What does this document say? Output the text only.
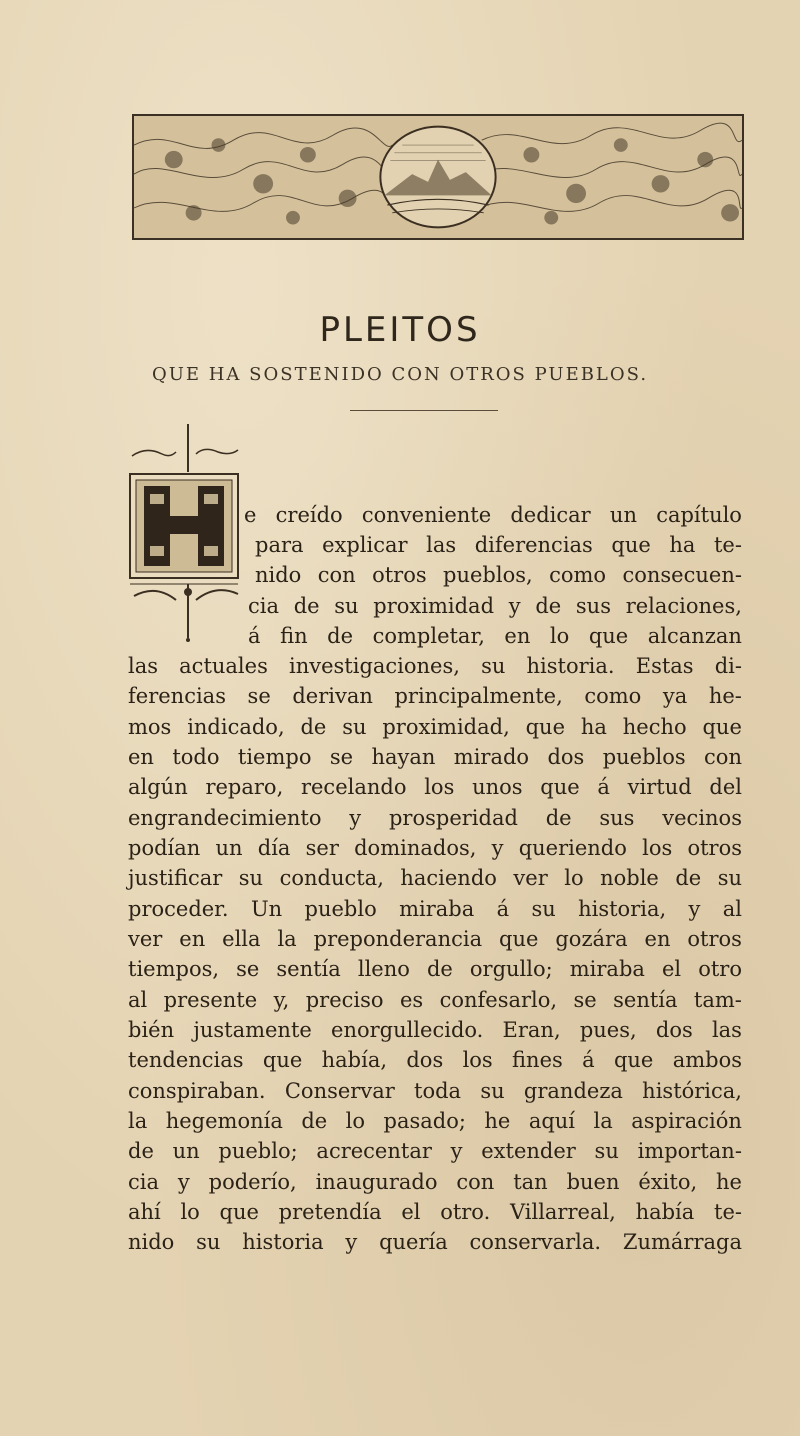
PLEITOS
QUE HA SOSTENIDO CON OTROS PUEBLOS.
e creído conveniente dedicar un capítulo
para explicar las diferencias que ha te-
nido con otros pueblos, como consecuen-
cia de su proximidad y de sus relaciones,
á fin de completar, en lo que alcanzan
las actuales investigaciones, su historia. Estas di-
ferencias se derivan principalmente, como ya he-
mos indicado, de su proximidad, que ha hecho que
en todo tiempo se hayan mirado dos pueblos con
algún reparo, recelando los unos que á virtud del
engrandecimiento y prosperidad de sus vecinos
podían un día ser dominados, y queriendo los otros
justificar su conducta, haciendo ver lo noble de su
proceder. Un pueblo miraba á su historia, y al
ver en ella la preponderancia que gozára en otros
tiempos, se sentía lleno de orgullo; miraba el otro
al presente y, preciso es confesarlo, se sentía tam-
bién justamente enorgullecido. Eran, pues, dos las
tendencias que había, dos los fines á que ambos
conspiraban. Conservar toda su grandeza histórica,
la hegemonía de lo pasado; he aquí la aspiración
de un pueblo; acrecentar y extender su importan-
cia y poderío, inaugurado con tan buen éxito, he
ahí lo que pretendía el otro. Villarreal, había te-
nido su historia y quería conservarla. Zumárraga
